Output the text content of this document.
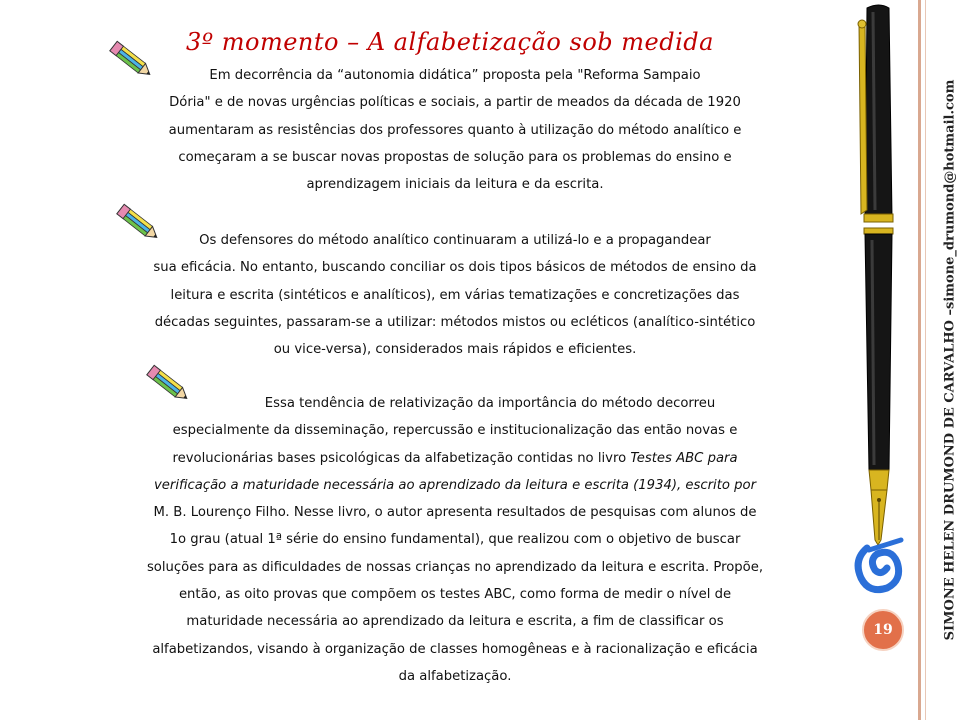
3º momento – A alfabetização sob medida
Em decorrência da “autonomia didática” proposta pela "Reforma Sampaio
Dória" e de novas urgências políticas e sociais, a partir de meados da década de 1920
aumentaram as resistências dos professores quanto à utilização do método analítico e
começaram a se buscar novas propostas de solução para os problemas do ensino e
aprendizagem iniciais da leitura e da escrita.
Os defensores do método analítico continuaram a utilizá-lo e a propagandear
sua eficácia. No entanto, buscando conciliar os dois tipos básicos de métodos de ensino da
leitura e escrita (sintéticos e analíticos), em várias tematizações e concretizações das
décadas seguintes, passaram-se a utilizar: métodos mistos ou ecléticos (analítico-sintético
ou vice-versa), considerados mais rápidos e eficientes.
Essa tendência de relativização da importância do método decorreu
especialmente da disseminação, repercussão e institucionalização das então novas e
revolucionárias bases psicológicas da alfabetização contidas no livro Testes ABC para
verificação a maturidade necessária ao aprendizado da leitura e escrita (1934), escrito por
M. B. Lourenço Filho. Nesse livro, o autor apresenta resultados de pesquisas com alunos de
1o grau (atual 1ª série do ensino fundamental), que realizou com o objetivo de buscar
soluções para as dificuldades de nossas crianças no aprendizado da leitura e escrita. Propõe,
então, as oito provas que compõem os testes ABC, como forma de medir o nível de
maturidade necessária ao aprendizado da leitura e escrita, a fim de classificar os
alfabetizandos, visando à organização de classes homogêneas e à racionalização e eficácia
da alfabetização.
19	SIMONE HELEN DRUMOND DE CARVALHO –simone_drumond@hotmail.com
